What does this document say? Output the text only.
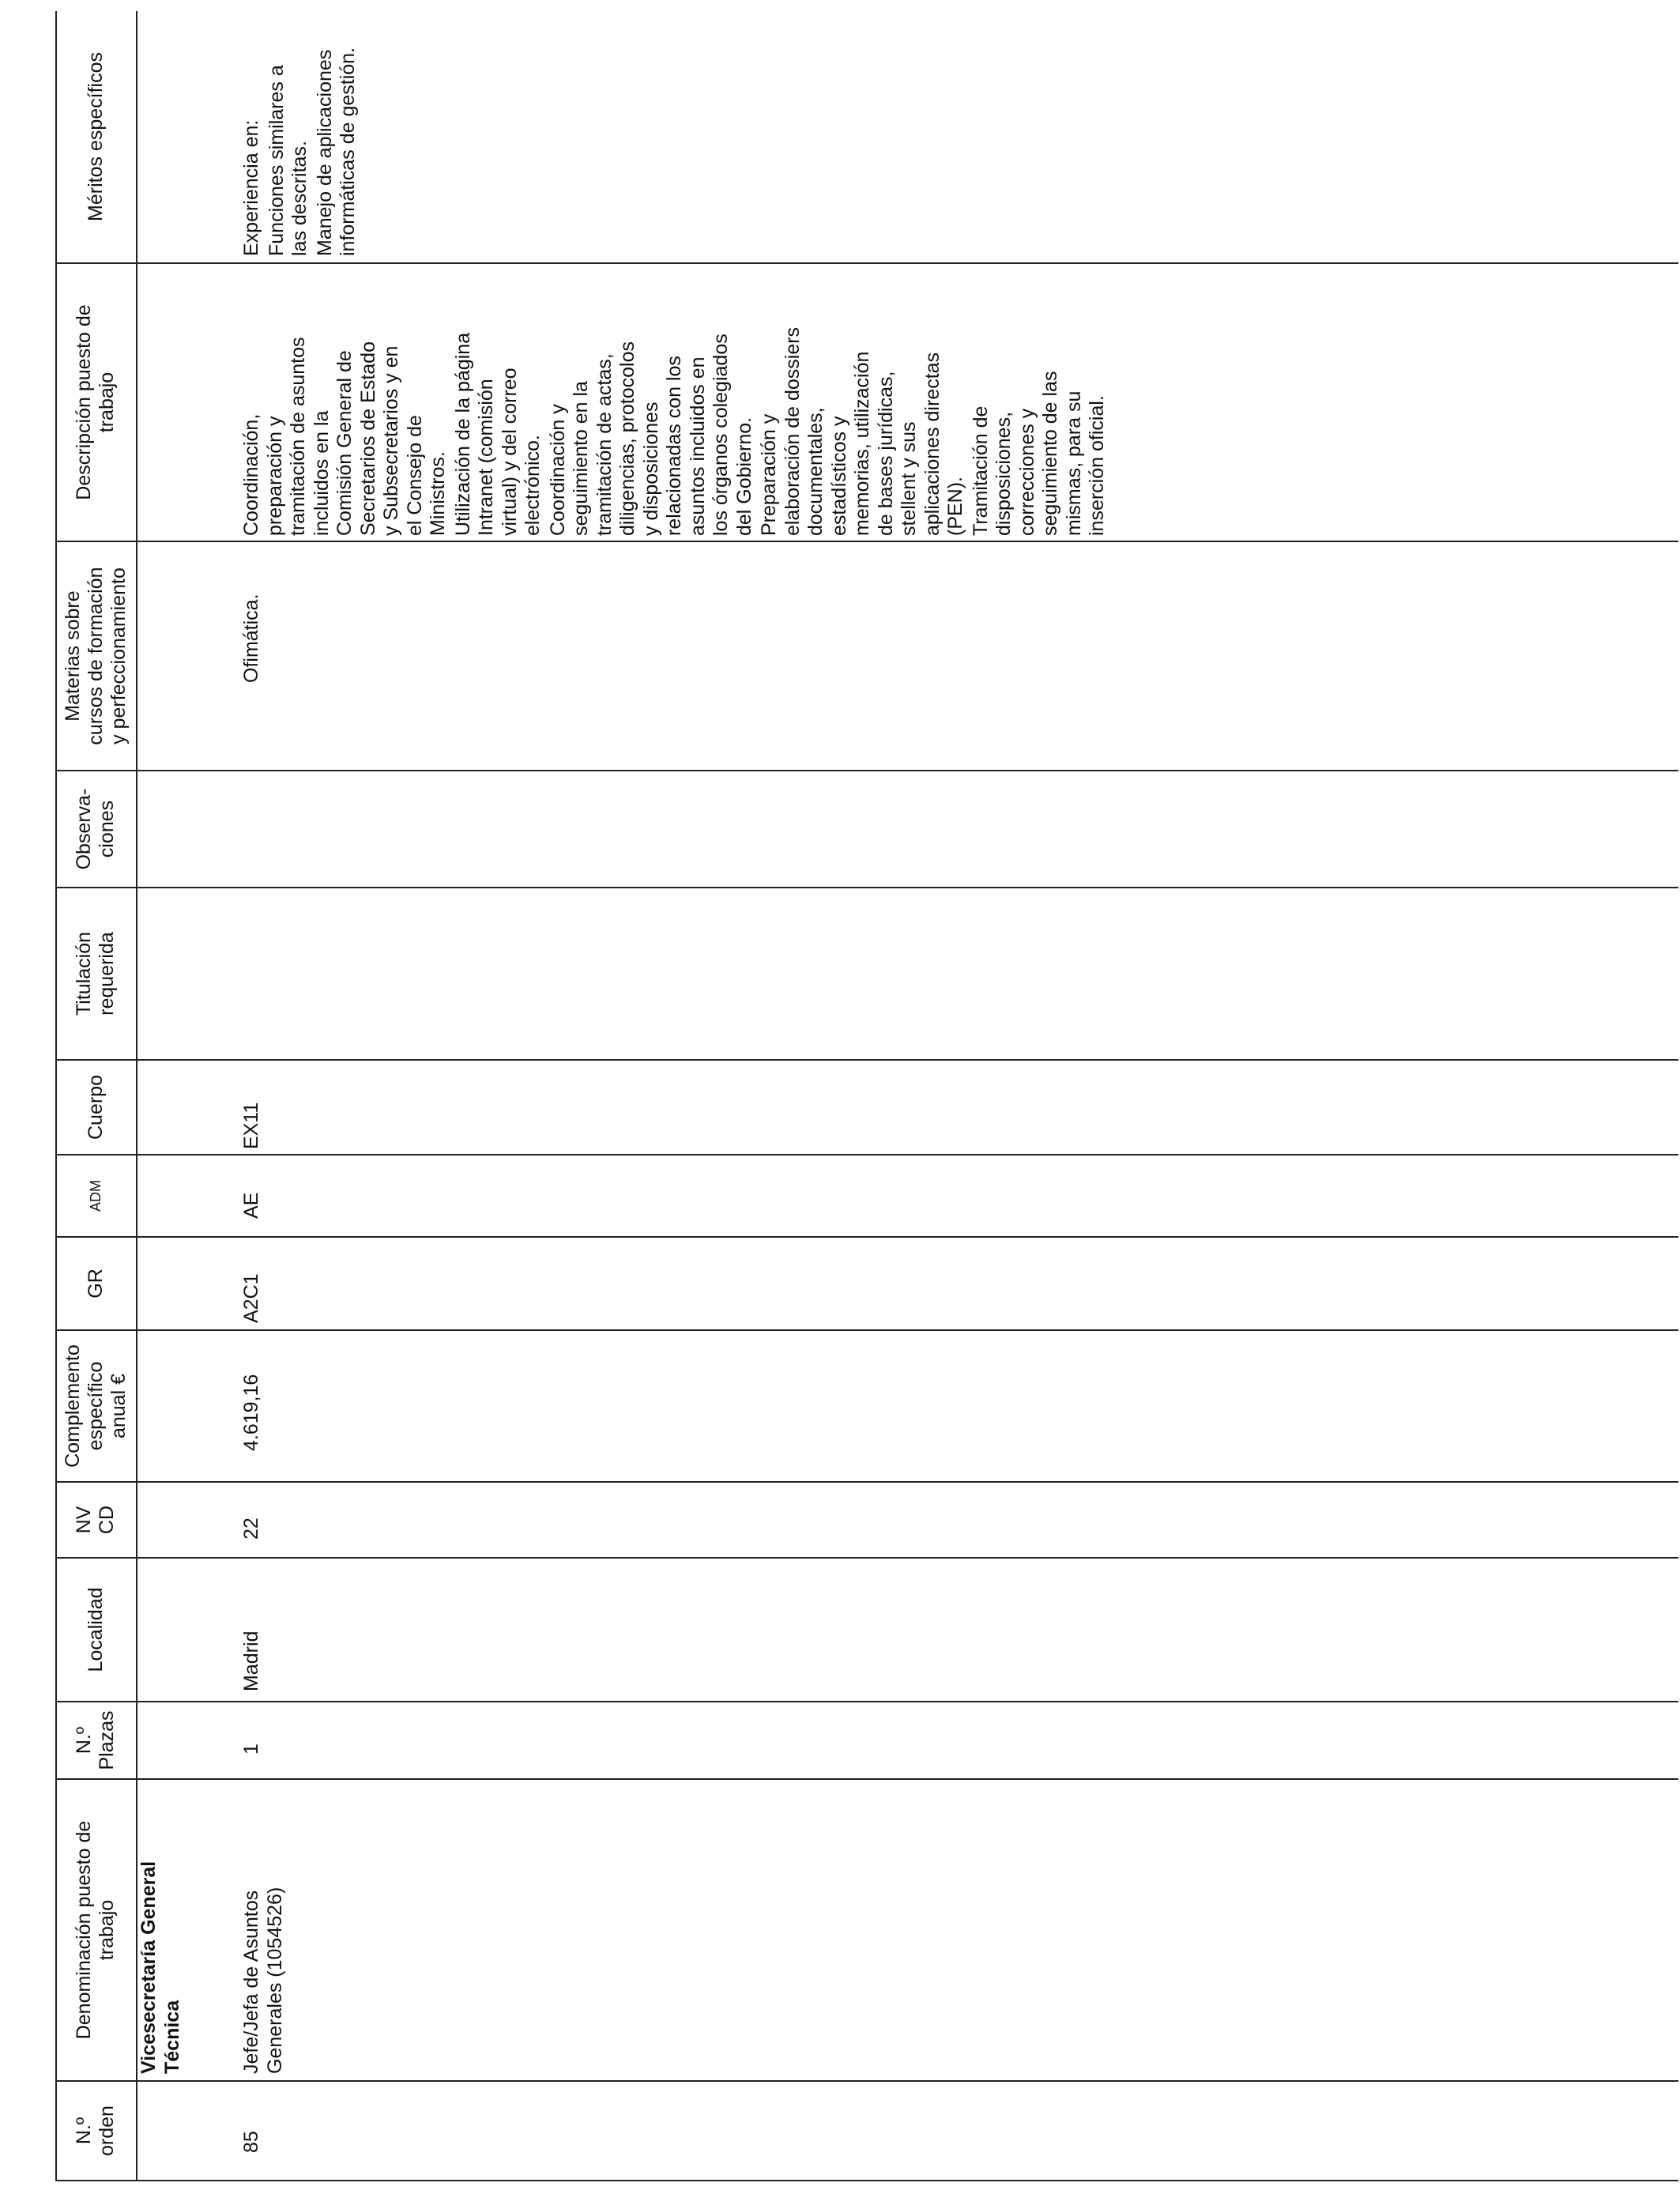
N.º orden
Denominación puesto de trabajo
N.º Plazas
Localidad
NV CD
Complemento específico anual €
GR
ADM
Cuerpo
Titulación requerida
Observa- ciones
Materias sobre cursos de formación y perfeccionamiento
Descripción puesto de trabajo
Méritos específicos
Vicesecretaría General Técnica
85
Jefe/Jefa de Asuntos Generales (1054526)
1
Madrid
22
4.619,16
A2C1
AE
EX11
Ofimática.

Coordinación,
preparación y
tramitación de asuntos
incluidos en la
Comisión General de
Secretarios de Estado
y Subsecretarios y en
el Consejo de
Ministros. Utilización de la página
Intranet (comisión
virtual) y del correo
electrónico. Coordinación y
seguimiento en la
tramitación de actas,
diligencias, protocolos
y disposiciones
relacionadas con los
asuntos incluidos en
los órganos colegiados
del Gobierno. Preparación y
elaboración de dossiers
documentales,
estadísticos y
memorias, utilización
de bases jurídicas,
stellent y sus
aplicaciones directas
(PEN). Tramitación de
disposiciones,
correcciones y
seguimiento de las
mismas, para su
inserción oficial.

Experiencia en: Funciones similares a
las descritas. Manejo de aplicaciones
informáticas de gestión.
